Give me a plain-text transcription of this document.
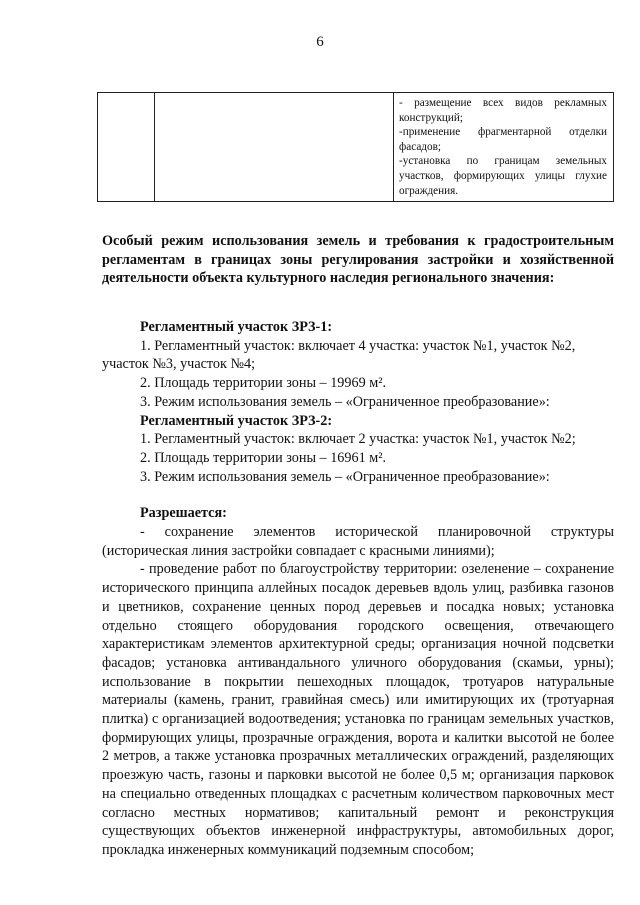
6

- размещение всех видов рекламных конструкций;
-применение фрагментарной отделки фасадов;
-установка по границам земельных участков, формирующих улицы глухие ограждения.
Особый режим использования земель и требования к градостроительным регламентам в границах зоны регулирования застройки и хозяйственной деятельности объекта культурного наследия регионального значения:

Регламентный участок ЗРЗ-1:

1. Регламентный участок: включает 4 участка: участок №1, участок №2, участок №3, участок №4;

2. Площадь территории зоны – 19969 м².

3. Режим использования земель – «Ограниченное преобразование»:

Регламентный участок ЗРЗ-2:

1. Регламентный участок: включает 2 участка: участок №1, участок №2;

2. Площадь территории зоны – 16961 м².

3. Режим использования земель – «Ограниченное преобразование»:

Разрешается:

- сохранение элементов исторической планировочной структуры (историческая линия застройки совпадает с красными линиями);

- проведение работ по благоустройству территории: озеленение – сохранение исторического принципа аллейных посадок деревьев вдоль улиц, разбивка газонов и цветников, сохранение ценных пород деревьев и посадка новых; установка отдельно стоящего оборудования городского освещения, отвечающего характеристикам элементов архитектурной среды; организация ночной подсветки фасадов; установка антивандального уличного оборудования (скамьи, урны); использование в покрытии пешеходных площадок, тротуаров натуральные материалы (камень, гранит, гравийная смесь) или имитирующих их (тротуарная плитка) с организацией водоотведения; установка по границам земельных участков, формирующих улицы, прозрачные ограждения, ворота и калитки высотой не более 2 метров, а также установка прозрачных металлических ограждений, разделяющих проезжую часть, газоны и парковки высотой не более 0,5 м; организация парковок на специально отведенных площадках с расчетным количеством парковочных мест согласно местных нормативов; капитальный ремонт и реконструкция существующих объектов инженерной инфраструктуры, автомобильных дорог, прокладка инженерных коммуникаций подземным способом;
